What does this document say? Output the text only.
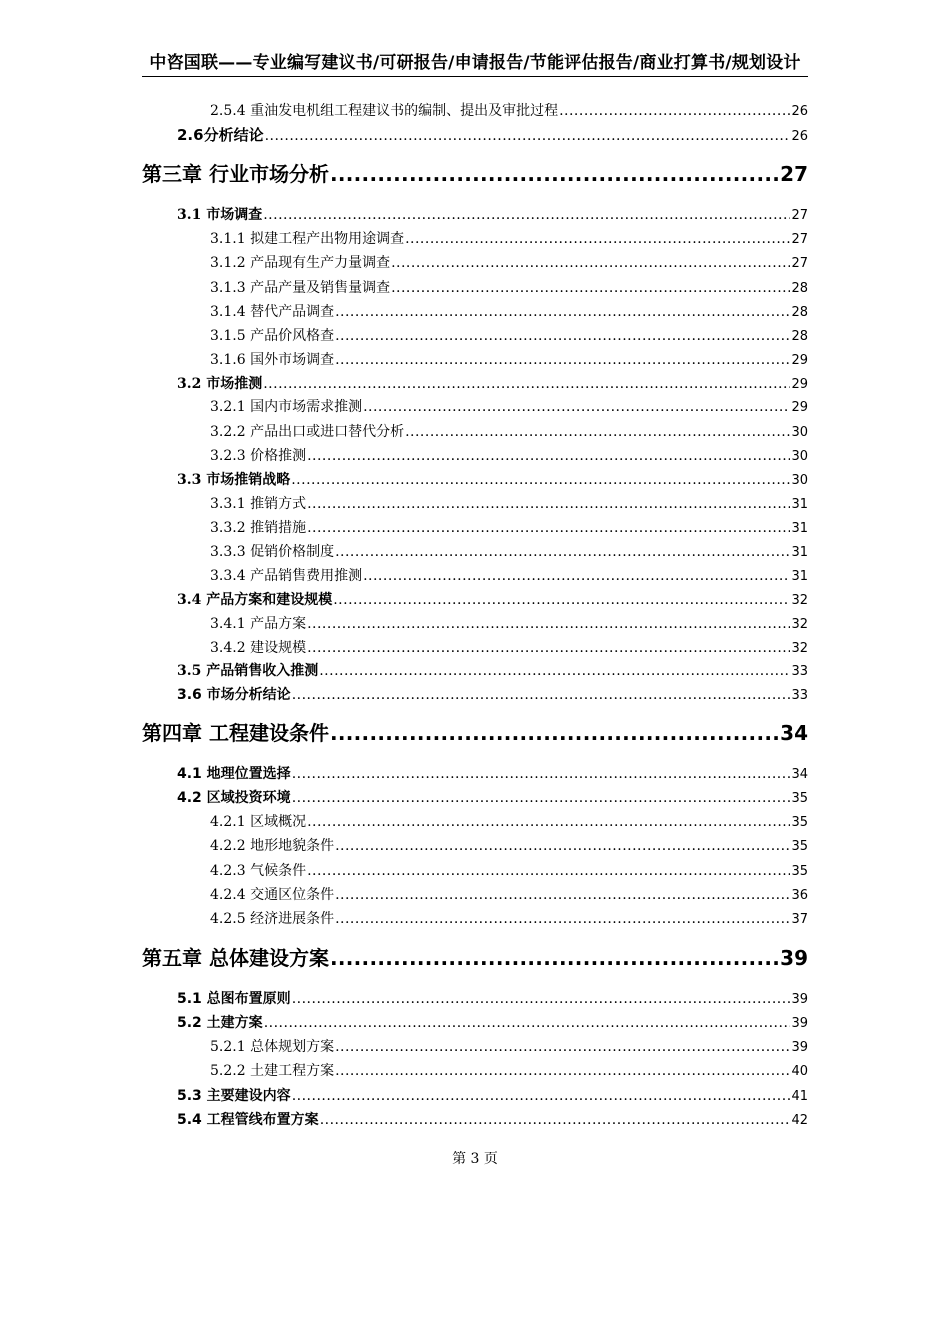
中咨国联——专业编写建议书/可研报告/申请报告/节能评估报告/商业打算书/规划设计
2.5.4 重油发电机组工程建议书的编制、提出及审批过程 .....	26
2.6分析结论 .....	26
第三章 行业市场分析 .....	27
3.1 市场调查 .....	27
3.1.1 拟建工程产出物用途调查 .....	27
3.1.2 产品现有生产力量调查 .....	27
3.1.3 产品产量及销售量调查 .....	28
3.1.4 替代产品调查 .....	28
3.1.5 产品价风格查 .....	28
3.1.6 国外市场调查 .....	29
3.2 市场推测 .....	29
3.2.1 国内市场需求推测 .....	29
3.2.2 产品出口或进口替代分析 .....	30
3.2.3 价格推测 .....	30
3.3 市场推销战略 .....	30
3.3.1 推销方式 .....	31
3.3.2 推销措施 .....	31
3.3.3 促销价格制度 .....	31
3.3.4 产品销售费用推测 .....	31
3.4 产品方案和建设规模 .....	32
3.4.1 产品方案 .....	32
3.4.2 建设规模 .....	32
3.5 产品销售收入推测 .....	33
3.6 市场分析结论 .....	33
第四章 工程建设条件 .....	34
4.1 地理位置选择 .....	34
4.2 区域投资环境 .....	35
4.2.1 区域概况 .....	35
4.2.2 地形地貌条件 .....	35
4.2.3 气候条件 .....	35
4.2.4 交通区位条件 .....	36
4.2.5 经济进展条件 .....	37
第五章 总体建设方案 .....	39
5.1 总图布置原则 .....	39
5.2 土建方案 .....	39
5.2.1 总体规划方案 .....	39
5.2.2 土建工程方案 .....	40
5.3 主要建设内容 .....	41
5.4 工程管线布置方案 .....	42
第 3 页
